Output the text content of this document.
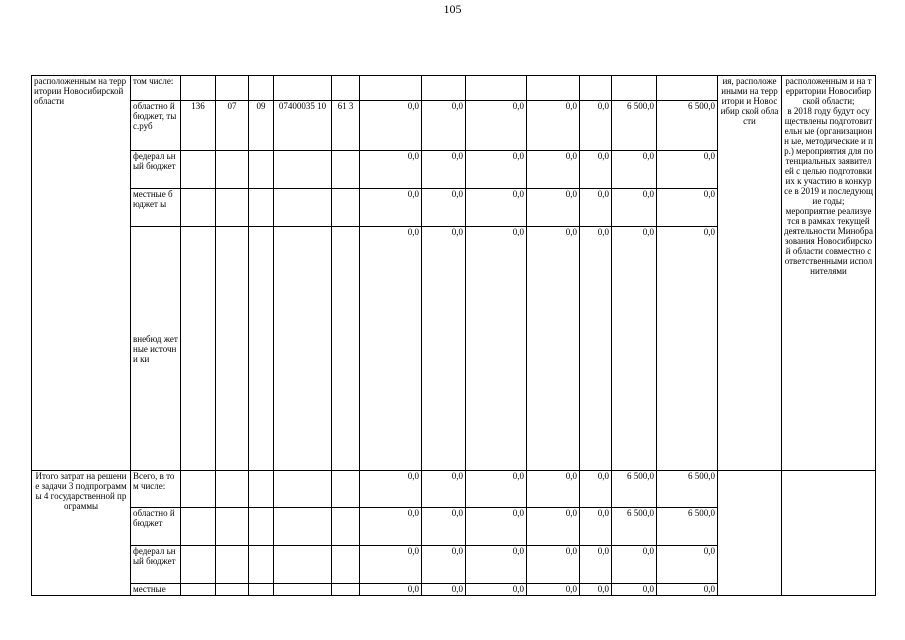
105
расположенным на территории Новосибирской области	том числе:													ия, расположе иными на территори и Новосибир ской области	расположенным и на территории Новосибирской области;
в 2018 году будут осуществлены подготовительн ые (организационн ые, методические и пр.) мероприятия для потенциальных заявителей с целью подготовки их к участию в конкурсе в 2019 и последующие годы;
мероприятие реализуется в рамках текущей деятельности Минобразования Новосибирской области совместно с ответственными исполнителями
	областно й бюджет, тыс.руб	136	07	09	07400035 10	61 3	0,0	0,0	0,0	0,0	0,0	6 500,0	6 500,0		
	федерал ьный бюджет						0,0	0,0	0,0	0,0	0,0	0,0	0,0		
	местные бюджет ы						0,0	0,0	0,0	0,0	0,0	0,0	0,0		
	внебюд жетные источни ки						0,0	0,0	0,0	0,0	0,0	0,0	0,0		
Итого затрат на решение задачи 3 подпрограммы 4 государственной программы	Всего, в том числе:						0,0	0,0	0,0	0,0	0,0	6 500,0	6 500,0		
	областно й бюджет						0,0	0,0	0,0	0,0	0,0	6 500,0	6 500,0		
	федерал ьный бюджет						0,0	0,0	0,0	0,0	0,0	0,0	0,0		
	местные						0,0	0,0	0,0	0,0	0,0	0,0	0,0		
